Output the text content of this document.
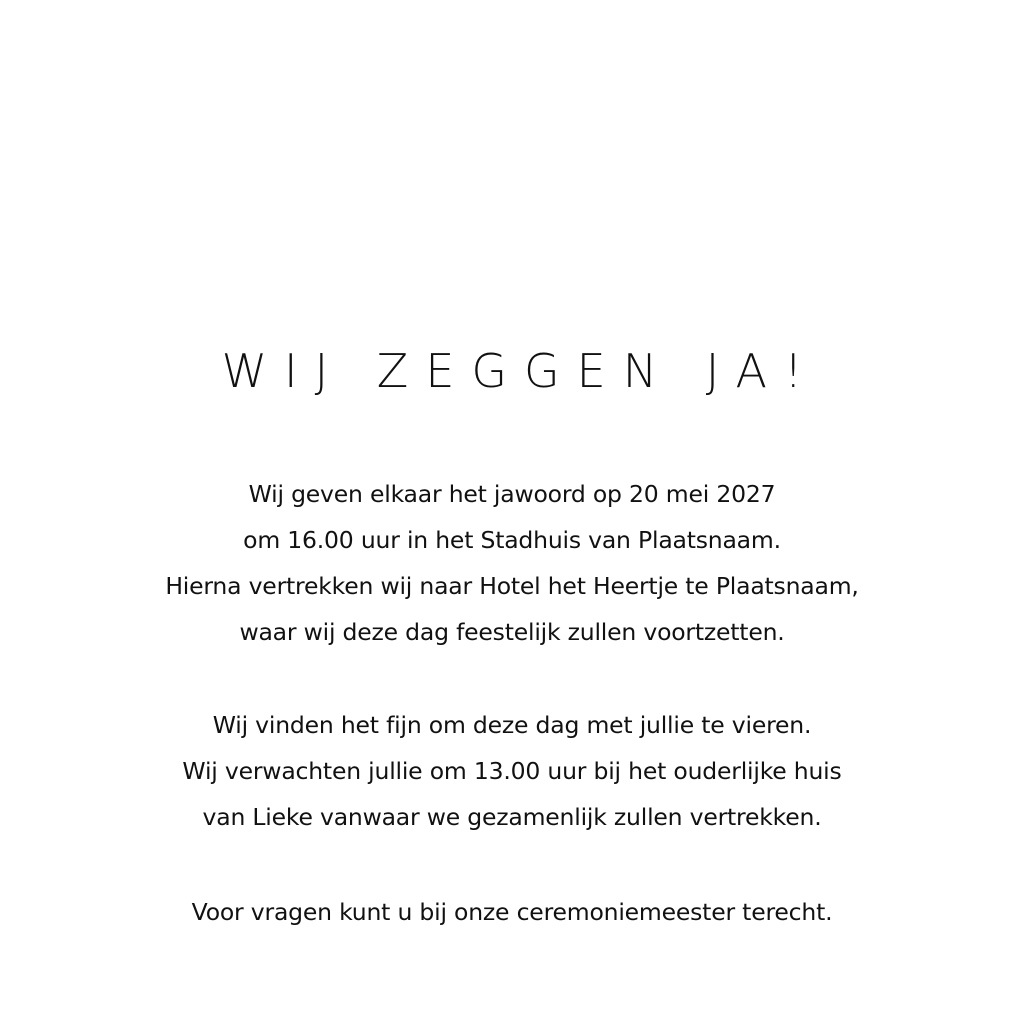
WIJ ZEGGEN JA!
Wij geven elkaar het jawoord op 20 mei 2027
om 16.00 uur in het Stadhuis van Plaatsnaam.
Hierna vertrekken wij naar Hotel het Heertje te Plaatsnaam,
waar wij deze dag feestelijk zullen voortzetten.
Wij vinden het fijn om deze dag met jullie te vieren.
Wij verwachten jullie om 13.00 uur bij het ouderlijke huis
van Lieke vanwaar we gezamenlijk zullen vertrekken.
Voor vragen kunt u bij onze ceremoniemeester terecht.
